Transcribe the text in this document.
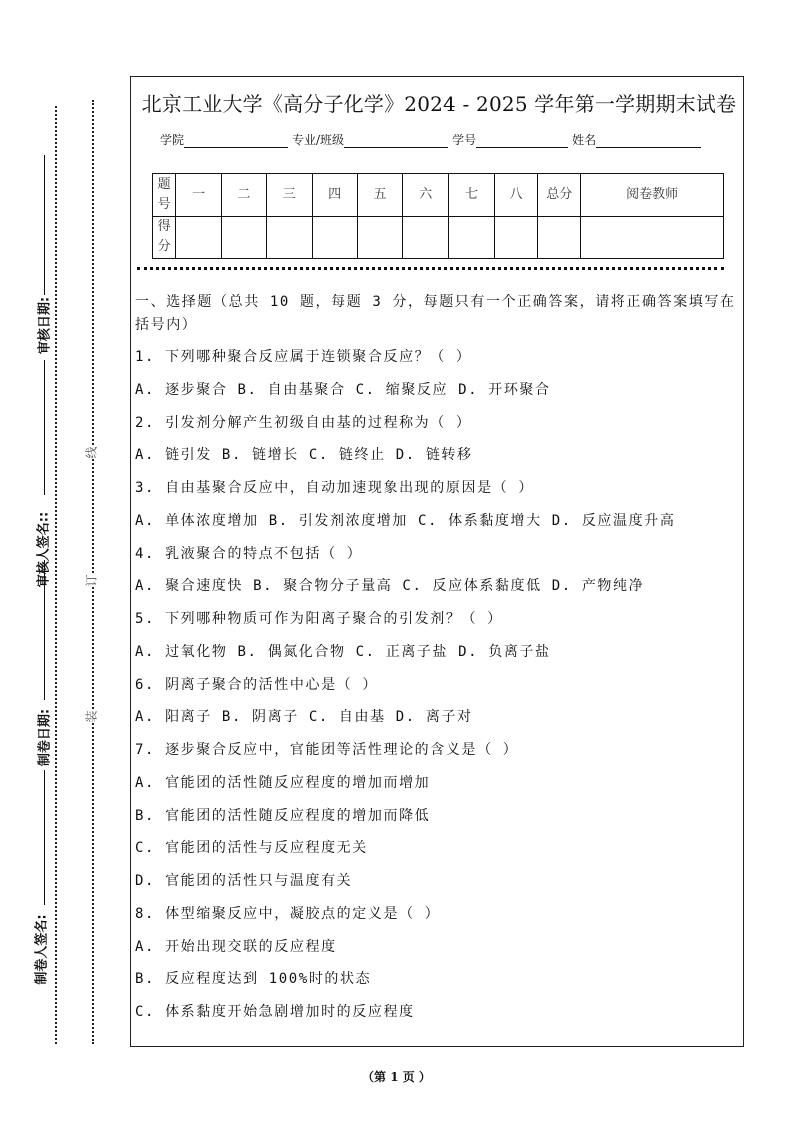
审核日期:
审核人签名::
制卷日期:
制卷人签名:
线
订
装
北京工业大学《高分子化学》2024 - 2025 学年第一学期期末试卷
学院	专业/班级	学号	姓名
题号	一	二	三	四	五	六	七	八	总分	阅卷教师
得分										
一、选择题（总共 10 题，每题 3 分，每题只有一个正确答案，请将正确答案填写在
括号内）
1. 下列哪种聚合反应属于连锁聚合反应？（ ）
A. 逐步聚合 B. 自由基聚合 C. 缩聚反应 D. 开环聚合
2. 引发剂分解产生初级自由基的过程称为（ ）
A. 链引发 B. 链增长 C. 链终止 D. 链转移
3. 自由基聚合反应中，自动加速现象出现的原因是（ ）
A. 单体浓度增加 B. 引发剂浓度增加 C. 体系黏度增大 D. 反应温度升高
4. 乳液聚合的特点不包括（ ）
A. 聚合速度快 B. 聚合物分子量高 C. 反应体系黏度低 D. 产物纯净
5. 下列哪种物质可作为阳离子聚合的引发剂？（ ）
A. 过氧化物 B. 偶氮化合物 C. 正离子盐 D. 负离子盐
6. 阴离子聚合的活性中心是（ ）
A. 阳离子 B. 阴离子 C. 自由基 D. 离子对
7. 逐步聚合反应中，官能团等活性理论的含义是（ ）
A. 官能团的活性随反应程度的增加而增加
B. 官能团的活性随反应程度的增加而降低
C. 官能团的活性与反应程度无关
D. 官能团的活性只与温度有关
8. 体型缩聚反应中，凝胶点的定义是（ ）
A. 开始出现交联的反应程度
B. 反应程度达到 100%时的状态
C. 体系黏度开始急剧增加时的反应程度
（第 1 页 ）
